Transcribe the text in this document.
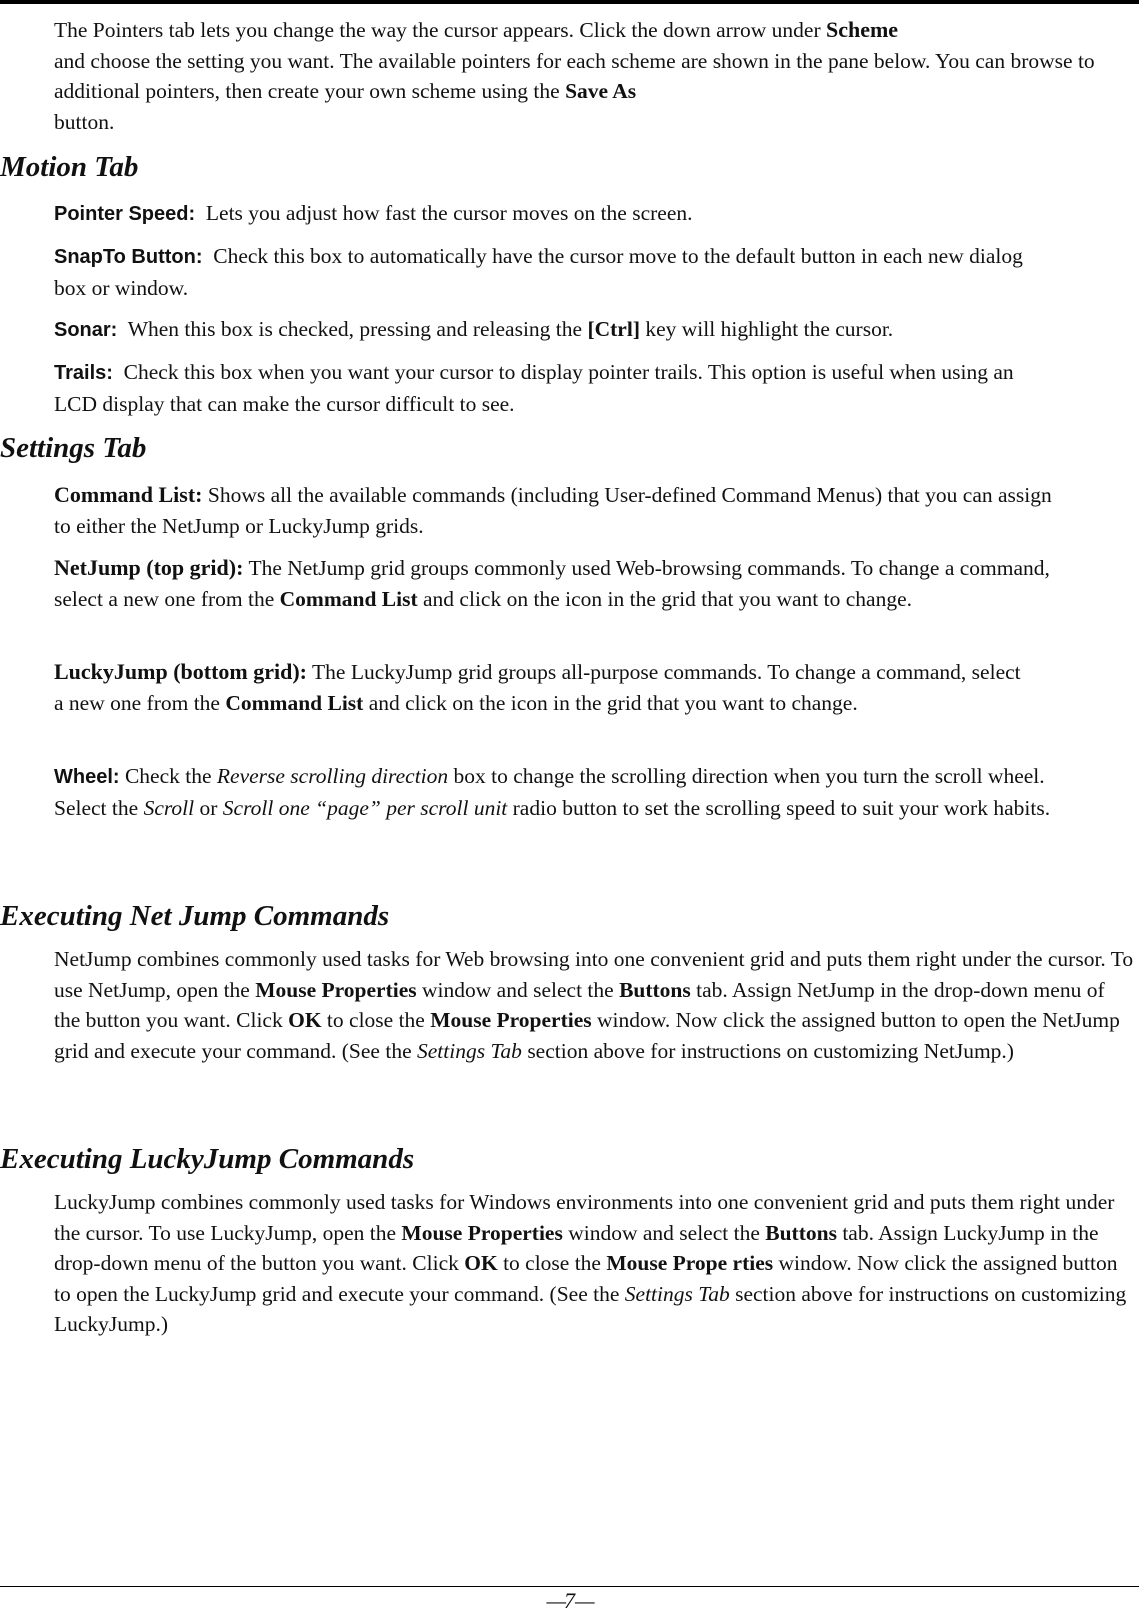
The Pointers tab lets you change the way the cursor appears. Click the down arrow under Scheme
and choose the setting you want. The available pointers for each scheme are shown in the pane below. You can browse to additional pointers, then create your own scheme using the Save As
button.
Motion Tab
Pointer Speed: Lets you adjust how fast the cursor moves on the screen.
SnapTo Button: Check this box to automatically have the cursor move to the default button in each new dialog box or window.
Sonar: When this box is checked, pressing and releasing the [Ctrl] key will highlight the cursor.
Trails: Check this box when you want your cursor to display pointer trails. This option is useful when using an LCD display that can make the cursor difficult to see.
Settings Tab
Command List: Shows all the available commands (including User-defined Command Menus) that you can assign to either the NetJump or LuckyJump grids.
NetJump (top grid): The NetJump grid groups commonly used Web-browsing commands. To change a command, select a new one from the Command List and click on the icon in the grid that you want to change.
LuckyJump (bottom grid): The LuckyJump grid groups all-purpose commands. To change a command, select a new one from the Command List and click on the icon in the grid that you want to change.
Wheel: Check the Reverse scrolling direction box to change the scrolling direction when you turn the scroll wheel. Select the Scroll or Scroll one “page” per scroll unit radio button to set the scrolling speed to suit your work habits.
Executing Net Jump Commands
NetJump combines commonly used tasks for Web browsing into one convenient grid and puts them right under the cursor. To use NetJump, open the Mouse Properties window and select the Buttons tab. Assign NetJump in the drop-down menu of the button you want. Click OK to close the Mouse Properties window. Now click the assigned button to open the NetJump grid and execute your command. (See the Settings Tab section above for instructions on customizing NetJump.)
Executing LuckyJump Commands
LuckyJump combines commonly used tasks for Windows environments into one convenient grid and puts them right under the cursor. To use LuckyJump, open the Mouse Properties window and select the Buttons tab. Assign LuckyJump in the drop-down menu of the button you want. Click OK to close the Mouse Prope rties window. Now click the assigned button to open the LuckyJump grid and execute your command. (See the Settings Tab section above for instructions on customizing LuckyJump.)
—7—
